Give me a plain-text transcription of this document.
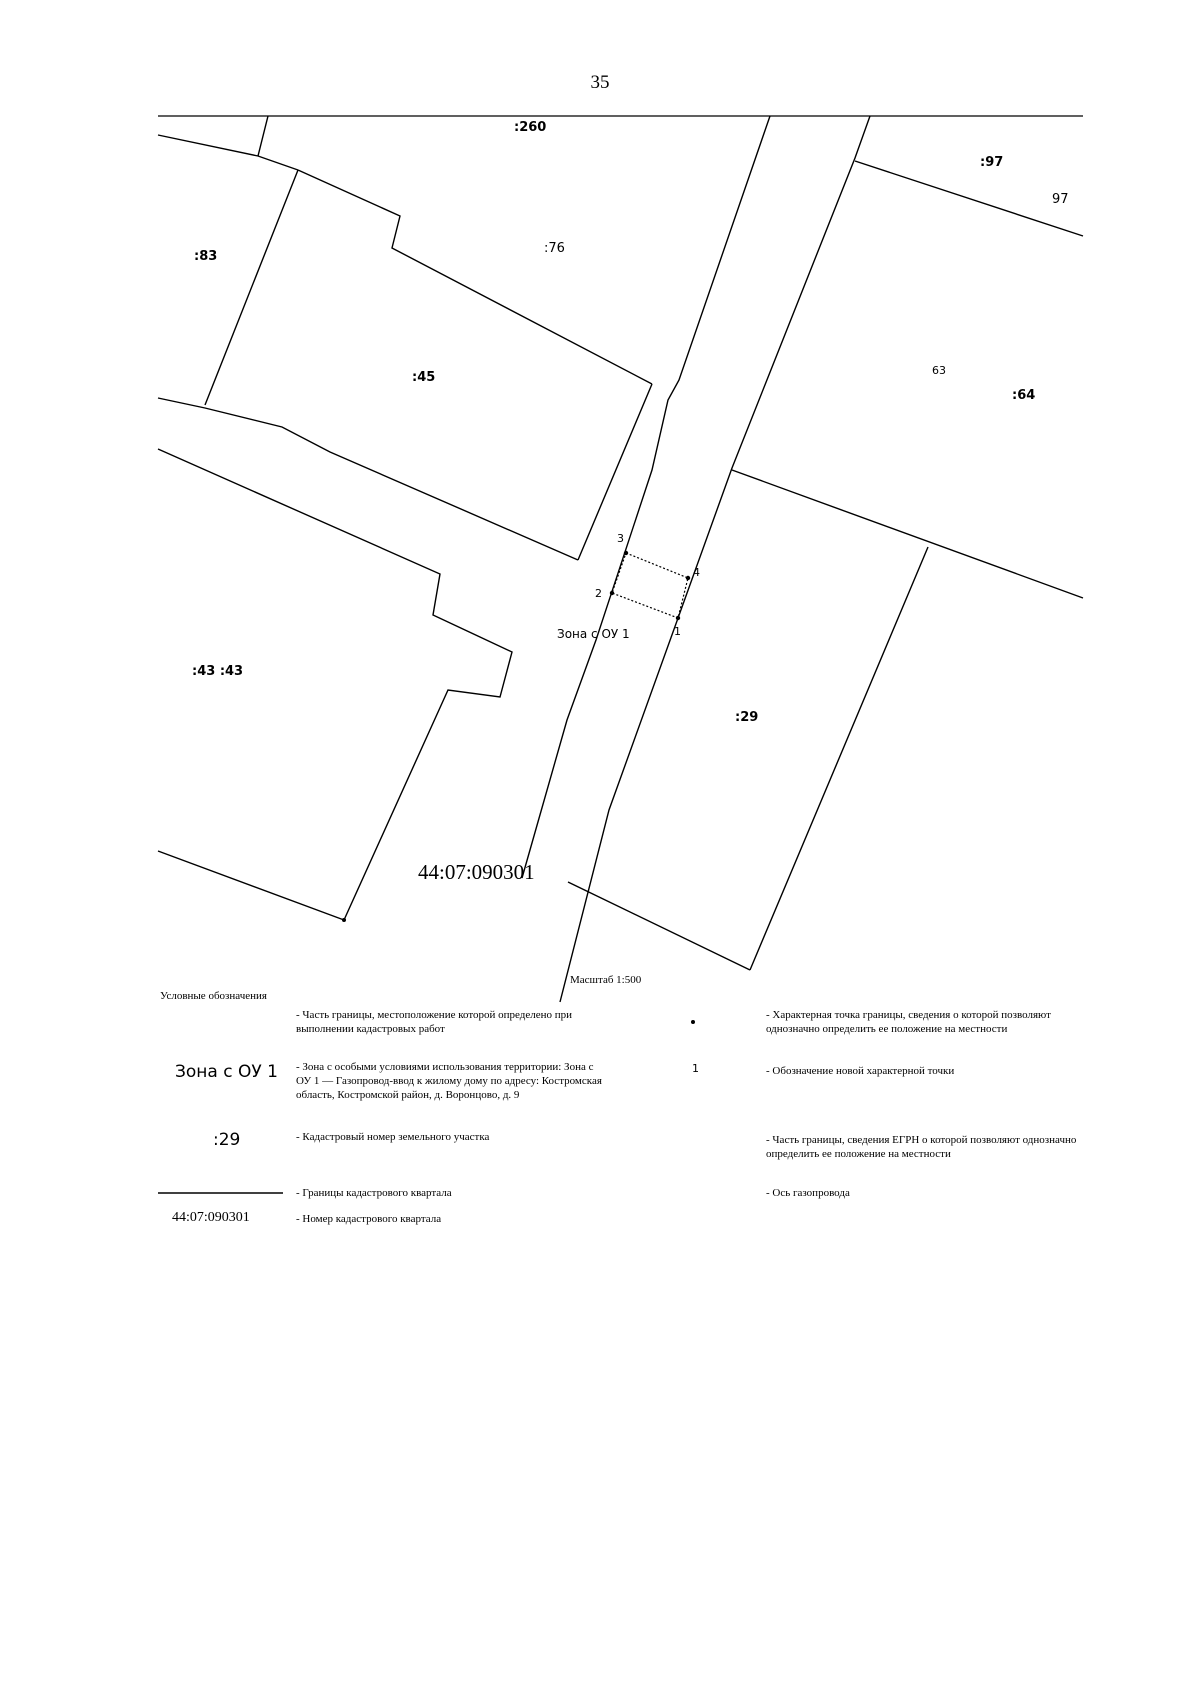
35
:260
:97
97
:83
:76
:45	63
:64
:43 :43
:29
1
2
3
4
Зона с ОУ 1
44:07:090301
Масштаб 1:500
Условные обозначения
- Часть границы, местоположение которой определено при выполнении кадастровых работ
Зона с ОУ 1 - Зона с особыми условиями использования территории: Зона с ОУ 1 — Газопровод-ввод к жилому дому по адресу: Костромская область, Костромской район, д. Воронцово, д. 9
:29	- Кадастровый номер земельного участка
- Границы кадастрового квартала
44:07:090301	- Номер кадастрового квартала
- Характерная точка границы, сведения о которой позволяют однозначно определить ее положение на местности
1	- Обозначение новой характерной точки
- Часть границы, сведения ЕГРН о которой позволяют однозначно определить ее положение на местности
- Ось газопровода
